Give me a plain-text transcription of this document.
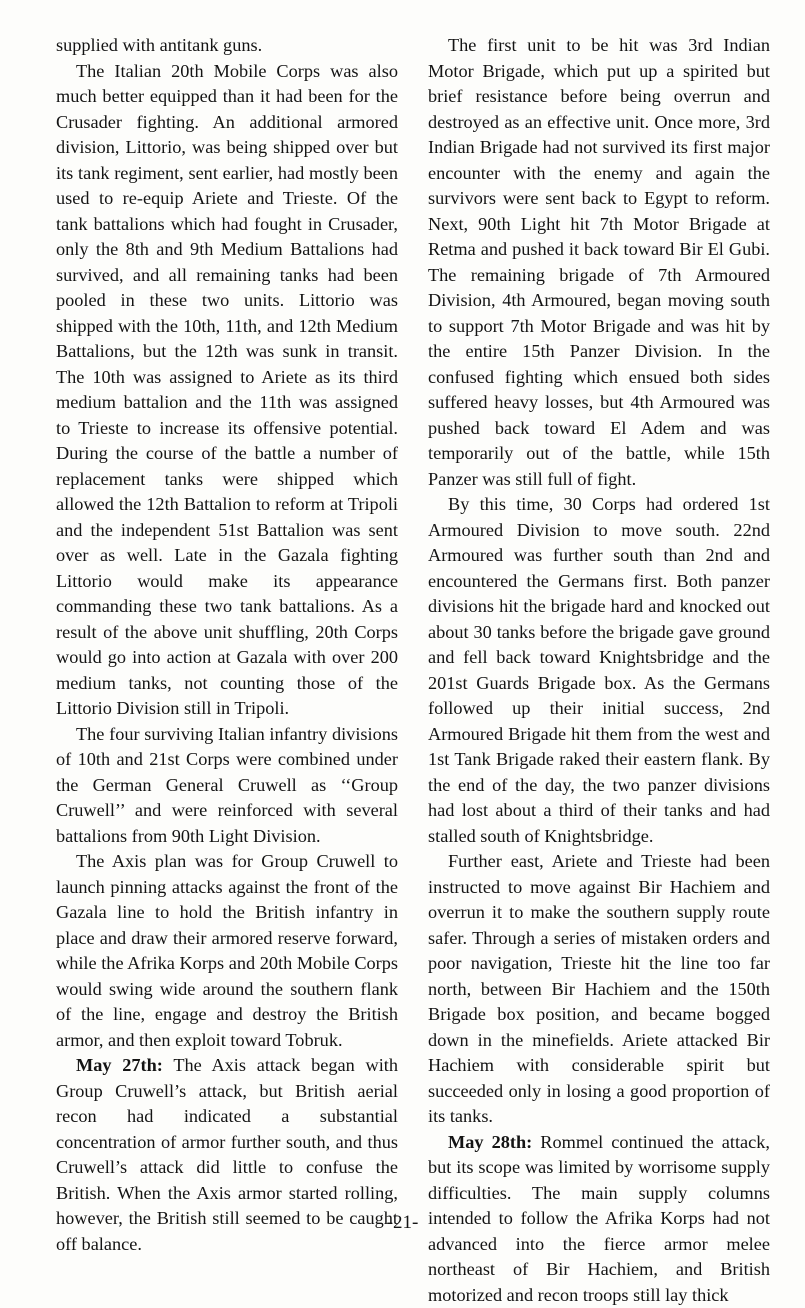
supplied with antitank guns.

The Italian 20th Mobile Corps was also much better equipped than it had been for the Crusader fighting. An additional armored division, Littorio, was being shipped over but its tank regiment, sent earlier, had mostly been used to re-equip Ariete and Trieste. Of the tank battalions which had fought in Crusader, only the 8th and 9th Medium Battalions had survived, and all remaining tanks had been pooled in these two units. Littorio was shipped with the 10th, 11th, and 12th Medium Battalions, but the 12th was sunk in transit. The 10th was assigned to Ariete as its third medium battalion and the 11th was assigned to Trieste to increase its offensive potential. During the course of the battle a number of replacement tanks were shipped which allowed the 12th Battalion to reform at Tripoli and the independent 51st Battalion was sent over as well. Late in the Gazala fighting Littorio would make its appearance commanding these two tank battalions. As a result of the above unit shuffling, 20th Corps would go into action at Gazala with over 200 medium tanks, not counting those of the Littorio Division still in Tripoli.

The four surviving Italian infantry divisions of 10th and 21st Corps were combined under the German General Cruwell as ‘‘Group Cruwell’’ and were reinforced with several battalions from 90th Light Division.

The Axis plan was for Group Cruwell to launch pinning attacks against the front of the Gazala line to hold the British infantry in place and draw their armored reserve forward, while the Afrika Korps and 20th Mobile Corps would swing wide around the southern flank of the line, engage and destroy the British armor, and then exploit toward Tobruk.

May 27th: The Axis attack began with Group Cruwell’s attack, but British aerial recon had indicated a substantial concentration of armor further south, and thus Cruwell’s attack did little to confuse the British. When the Axis armor started rolling, however, the British still seemed to be caught off balance.

The first unit to be hit was 3rd Indian Motor Brigade, which put up a spirited but brief resistance before being overrun and destroyed as an effective unit. Once more, 3rd Indian Brigade had not survived its first major encounter with the enemy and again the survivors were sent back to Egypt to reform. Next, 90th Light hit 7th Motor Brigade at Retma and pushed it back toward Bir El Gubi. The remaining brigade of 7th Armoured Division, 4th Armoured, began moving south to support 7th Motor Brigade and was hit by the entire 15th Panzer Division. In the confused fighting which ensued both sides suffered heavy losses, but 4th Armoured was pushed back toward El Adem and was temporarily out of the battle, while 15th Panzer was still full of fight.

By this time, 30 Corps had ordered 1st Armoured Division to move south. 22nd Armoured was further south than 2nd and encountered the Germans first. Both panzer divisions hit the brigade hard and knocked out about 30 tanks before the brigade gave ground and fell back toward Knightsbridge and the 201st Guards Brigade box. As the Germans followed up their initial success, 2nd Armoured Brigade hit them from the west and 1st Tank Brigade raked their eastern flank. By the end of the day, the two panzer divisions had lost about a third of their tanks and had stalled south of Knightsbridge.

Further east, Ariete and Trieste had been instructed to move against Bir Hachiem and overrun it to make the southern supply route safer. Through a series of mistaken orders and poor navigation, Trieste hit the line too far north, between Bir Hachiem and the 150th Brigade box position, and became bogged down in the minefields. Ariete attacked Bir Hachiem with considerable spirit but succeeded only in losing a good proportion of its tanks.

May 28th: Rommel continued the attack, but its scope was limited by worrisome supply difficulties. The main supply columns intended to follow the Afrika Korps had not advanced into the fierce armor melee northeast of Bir Hachiem, and British motorized and recon troops still lay thick

-21-
